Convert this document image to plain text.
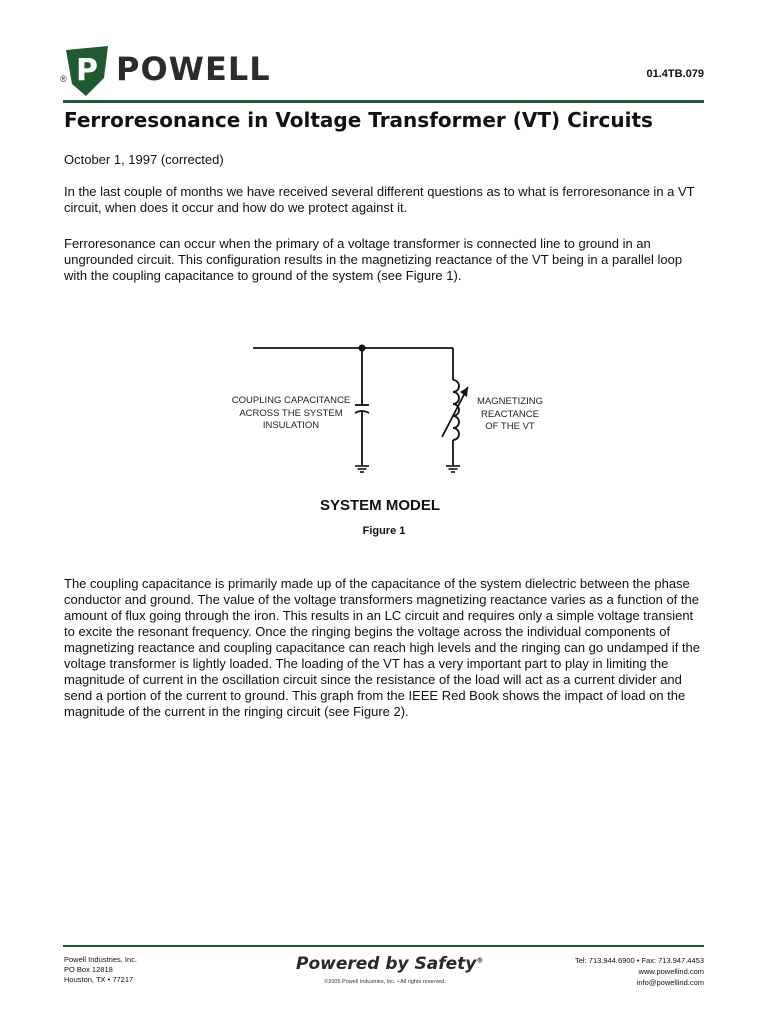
P
® POWELL	01.4TB.079
Ferroresonance in Voltage Transformer (VT) Circuits
October 1, 1997 (corrected)
In the last couple of months we have received several different questions as to what is ferroresonance in a VT circuit, when does it occur and how do we protect against it.
Ferroresonance can occur when the primary of a voltage transformer is connected line to ground in an ungrounded circuit. This configuration results in the magnetizing reactance of the VT being in a parallel loop with the coupling capacitance to ground of the system (see Figure 1).
COUPLING CAPACITANCE
ACROSS THE SYSTEM
INSULATION
MAGNETIZING
REACTANCE
OF THE VT
SYSTEM MODEL
Figure 1
The coupling capacitance is primarily made up of the capacitance of the system dielectric between the phase conductor and ground. The value of the voltage transformers magnetizing reactance varies as a function of the amount of flux going through the iron. This results in an LC circuit and requires only a simple voltage transient to excite the resonant frequency. Once the ringing begins the voltage across the individual components of magnetizing reactance and coupling capacitance can reach high levels and the ringing can go undamped if the voltage transformer is lightly loaded. The loading of the VT has a very important part to play in limiting the magnitude of current in the oscillation circuit since the resistance of the load will act as a current divider and send a portion of the current to ground. This graph from the IEEE Red Book shows the impact of load on the magnitude of the current in the ringing circuit (see Figure 2).
Powell Industries, Inc.
PO Box 12818
Houston, TX • 77217
Powered by Safety®
©2005 Powell Industries, Inc. • All rights reserved.
Tel: 713.944.6900 • Fax: 713.947.4453
www.powellind.com
info@powellind.com
